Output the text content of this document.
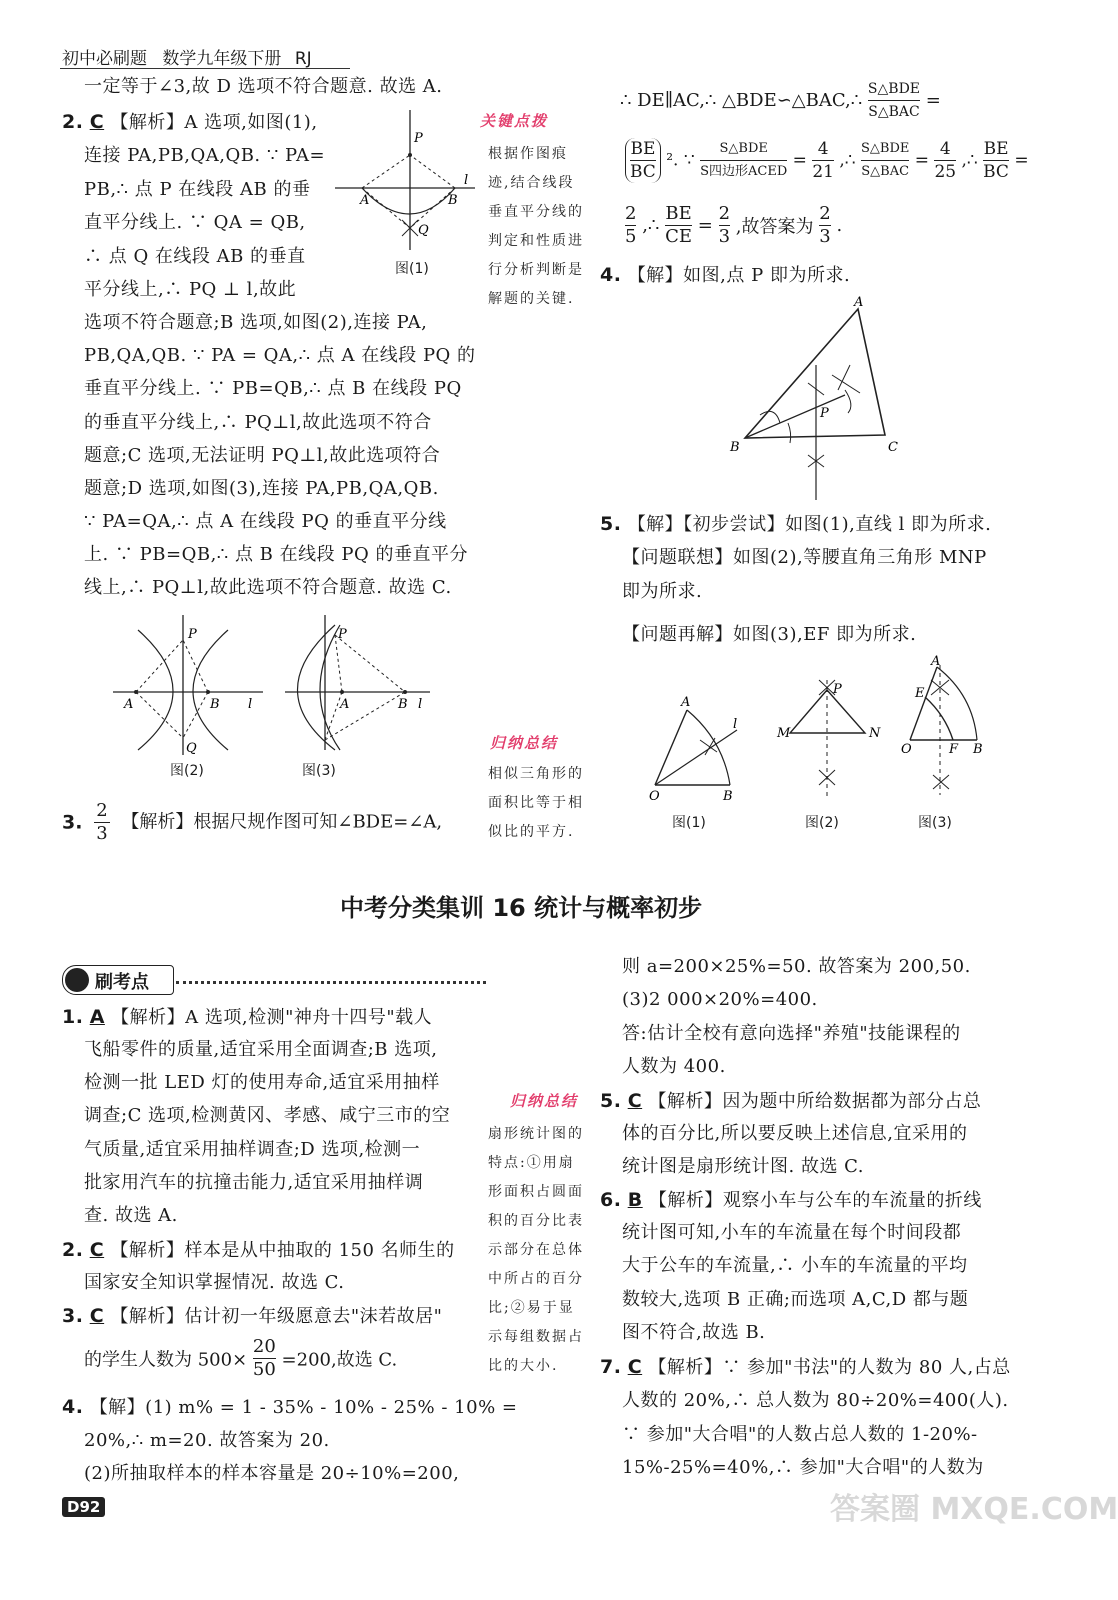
初中必刷题 数学九年级下册 RJ
一定等于∠3,故 D 选项不符合题意. 故选 A.
2. C 【解析】A 选项,如图(1),
连接 PA,PB,QA,QB. ∵ PA=
PB,∴ 点 P 在线段 AB 的垂
直平分线上. ∵ QA = QB,
∴ 点 Q 在线段 AB 的垂直
平分线上,∴ PQ ⊥ l,故此
选项不符合题意;B 选项,如图(2),连接 PA,
PB,QA,QB. ∵ PA = QA,∴ 点 A 在线段 PQ 的
垂直平分线上. ∵ PB=QB,∴ 点 B 在线段 PQ
的垂直平分线上,∴ PQ⊥l,故此选项不符合
题意;C 选项,无法证明 PQ⊥l,故此选项符合
题意;D 选项,如图(3),连接 PA,PB,QA,QB.
∵ PA=QA,∴ 点 A 在线段 PQ 的垂直平分线
上. ∵ PB=QB,∴ 点 B 在线段 PQ 的垂直平分
线上,∴ PQ⊥l,故此选项不符合题意. 故选 C.
P
A	B
l
Q
图(1)
P
A	B l
Q
图(2)
P
A	B l
图(3)
3. $\frac{2}{3}$ 【解析】根据尺规作图可知∠BDE=∠A,
关键点拨
根据作图痕
迹,结合线段
垂直平分线的
判定和性质进
行分析判断是
解题的关键.
归纳总结
相似三角形的
面积比等于相
似比的平方.
归纳总结
扇形统计图的
特点:①用扇
形面积占圆面
积的百分比表
示部分在总体
中所占的百分
比;②易于显
示每组数据占
比的大小.
∴ DE∥AC,∴ △BDE∽△BAC,∴
S△BDE
S△BAC
=
$\frac{BE}{BC} ^2$. ∵
S△BDE
S四边形ACED
= $\frac{4}{21}$ ,∴
S△BDE
S△BAC
= $\frac{4}{25}$ ,∴ $\frac{BE}{BC}$ =
$\frac{2}{5}$ ,∴ $\frac{BE}{CE} = \frac{2}{3}$ ,故答案为 $\frac{2}{3}$ .
4. 【解】如图,点 P 即为所求.
A
B	C
P
5. 【解】【初步尝试】如图(1),直线 l 即为所求.
【问题联想】如图(2),等腰直角三角形 MNP
即为所求.
【问题再解】如图(3),EF 即为所求.
A
O	B
l
图(1)
P
M	N
图(2)
A
E
O	F B
图(3)
中考分类集训 16 统计与概率初步
刷考点
1. A 【解析】A 选项,检测"神舟十四号"载人
飞船零件的质量,适宜采用全面调查;B 选项,
检测一批 LED 灯的使用寿命,适宜采用抽样
调查;C 选项,检测黄冈、孝感、咸宁三市的空
气质量,适宜采用抽样调查;D 选项,检测一
批家用汽车的抗撞击能力,适宜采用抽样调
查. 故选 A.
2. C 【解析】样本是从中抽取的 150 名师生的
国家安全知识掌握情况. 故选 C.
3. C 【解析】估计初一年级愿意去"沫若故居"
的学生人数为 $500\times \frac{20}{50} =200$,故选 C.
4. 【解】(1) m% = 1 - 35% - 10% - 25% - 10% =
20%,∴ m=20. 故答案为 20.
(2)所抽取样本的样本容量是 20÷10%=200,
则 a=200×25%=50. 故答案为 200,50.
(3)2 000×20%=400.
答:估计全校有意向选择"养殖"技能课程的
人数为 400.
5. C 【解析】因为题中所给数据都为部分占总
体的百分比,所以要反映上述信息,宜采用的
统计图是扇形统计图. 故选 C.
6. B 【解析】观察小车与公车的车流量的折线
统计图可知,小车的车流量在每个时间段都
大于公车的车流量,∴ 小车的车流量的平均
数较大,选项 B 正确;而选项 A,C,D 都与题
图不符合,故选 B.
7. C 【解析】∵ 参加"书法"的人数为 80 人,占总
人数的 20%,∴ 总人数为 80÷20%=400(人).
∵ 参加"大合唱"的人数占总人数的 1-20%-
15%-25%=40%,∴ 参加"大合唱"的人数为
D92	答案圈 MXQE.COM
